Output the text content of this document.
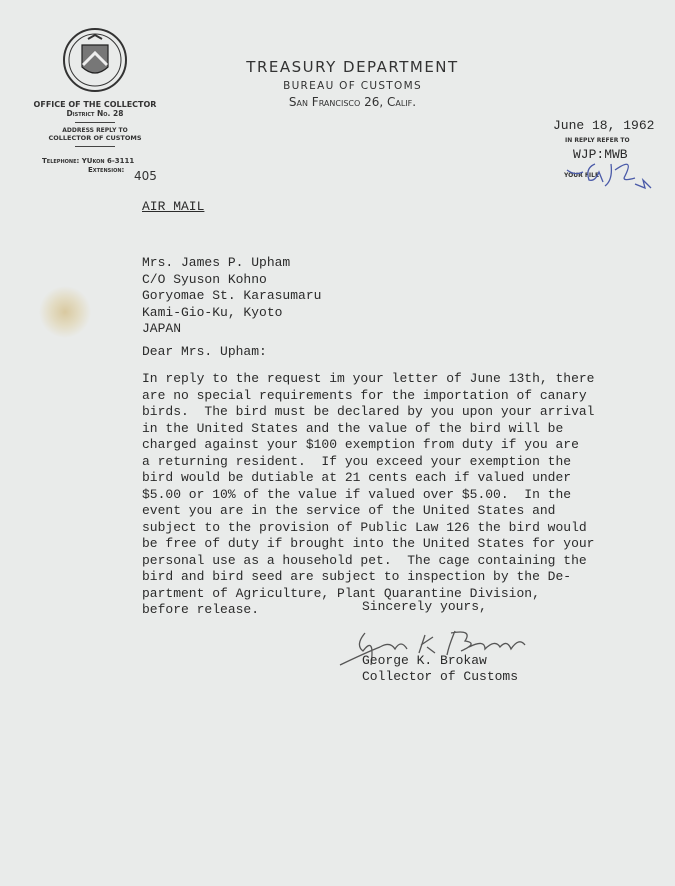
OFFICE OF THE COLLECTOR
District No. 28
ADDRESS REPLY TO
COLLECTOR OF CUSTOMS
Telephone: YUkon 6-3111
Extension: 405
TREASURY DEPARTMENT
BUREAU OF CUSTOMS
San Francisco 26, Calif.
June 18, 1962
IN REPLY REFER TO
WJP:MWB
YOUR FILE
AIR MAIL
Mrs. James P. Upham
C/O Syuson Kohno
Goryomae St. Karasumaru
Kami-Gio-Ku, Kyoto
JAPAN
Dear Mrs. Upham:
In reply to the request im your letter of June 13th, there
are no special requirements for the importation of canary
birds.  The bird must be declared by you upon your arrival
in the United States and the value of the bird will be
charged against your $100 exemption from duty if you are
a returning resident.  If you exceed your exemption the
bird would be dutiable at 21 cents each if valued under
$5.00 or 10% of the value if valued over $5.00.  In the
event you are in the service of the United States and
subject to the provision of Public Law 126 the bird would
be free of duty if brought into the United States for your
personal use as a household pet.  The cage containing the
bird and bird seed are subject to inspection by the De-
partment of Agriculture, Plant Quarantine Division,
before release.	Sincerely yours,
George K. Brokaw
Collector of Customs
